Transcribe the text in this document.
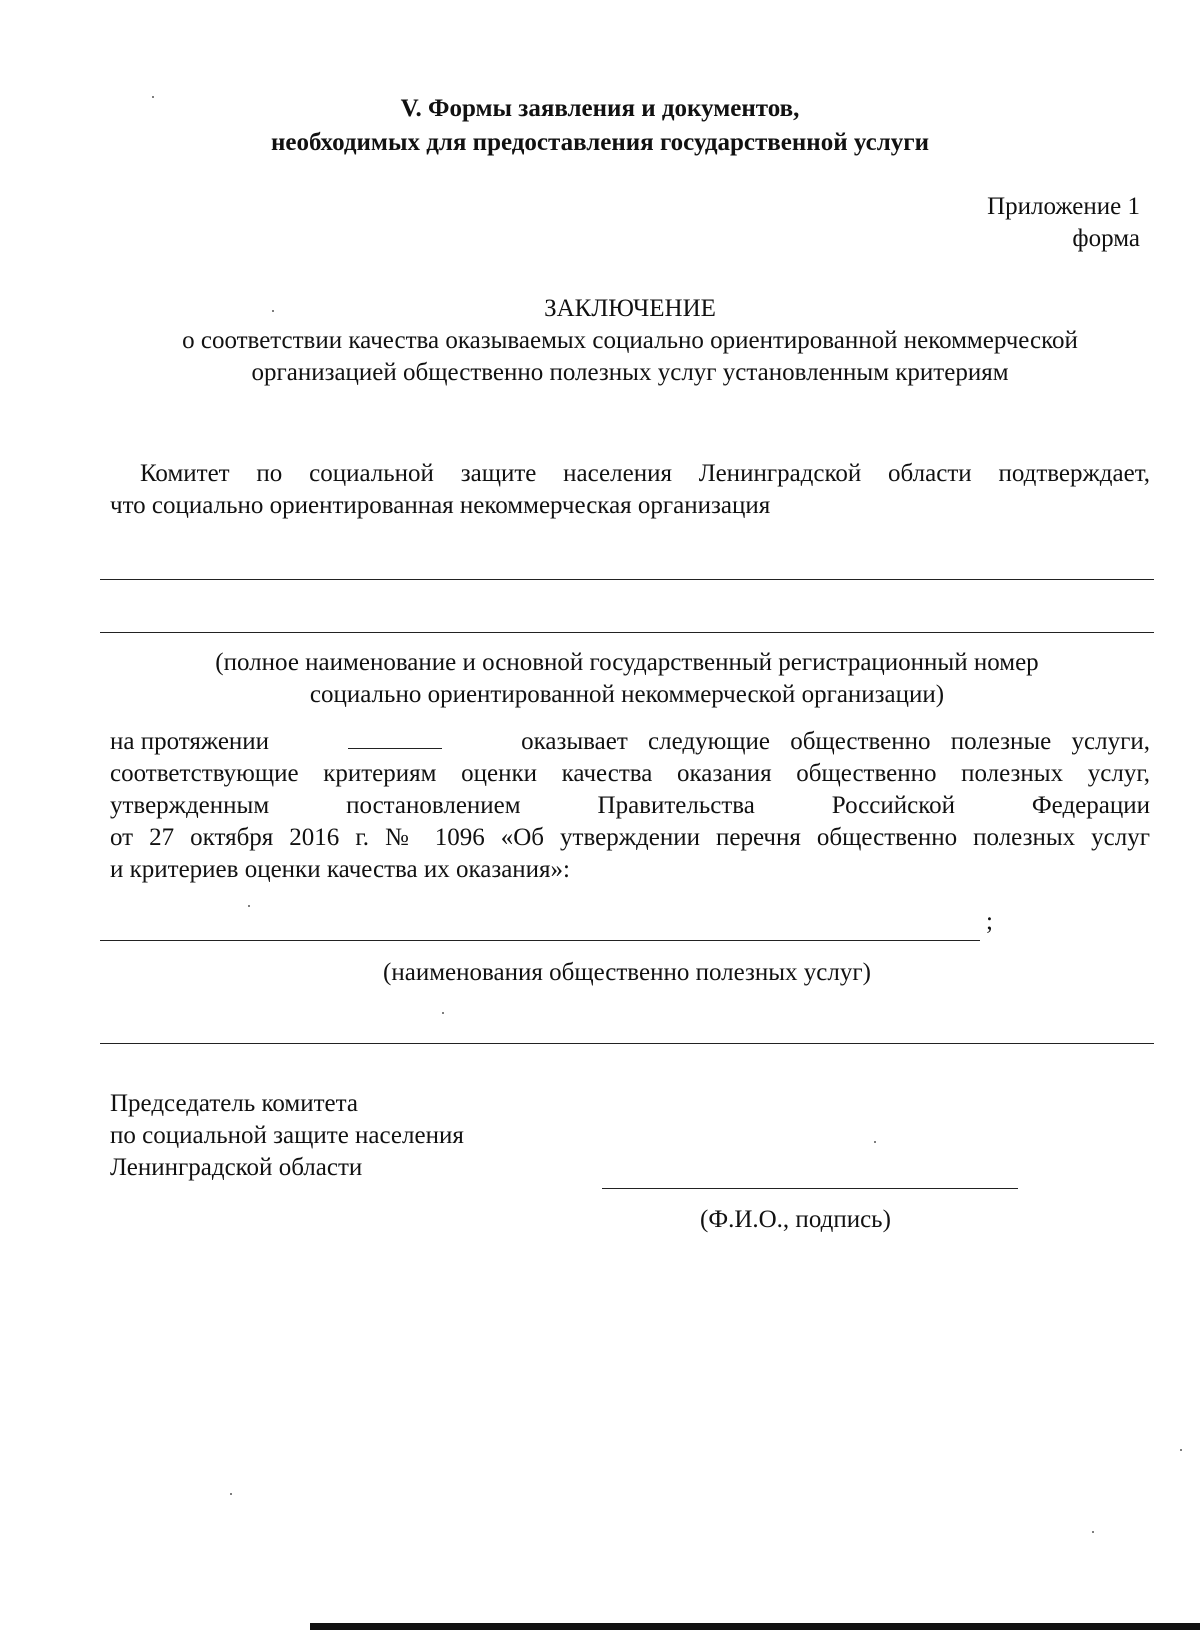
V. Формы заявления и документов,
необходимых для предоставления государственной услуги
Приложение 1
форма
ЗАКЛЮЧЕНИЕ
о соответствии качества оказываемых социально ориентированной некоммерческой
организацией общественно полезных услуг установленным критериям
Комитет по социальной защите населения Ленинградской области подтверждает,
что социально ориентированная некоммерческая организация
(полное наименование и основной государственный регистрационный номер
социально ориентированной некоммерческой организации)
на протяжении	оказывает следующие общественно полезные услуги,
соответствующие критериям оценки качества оказания общественно полезных услуг,
утвержденным	постановлением	Правительства	Российской	Федерации
от 27 октября 2016 г. № 1096 «Об утверждении перечня общественно полезных услуг
и критериев оценки качества их оказания»:
;
(наименования общественно полезных услуг)
Председатель комитета
по социальной защите населения
Ленинградской области
(Ф.И.О., подпись)
